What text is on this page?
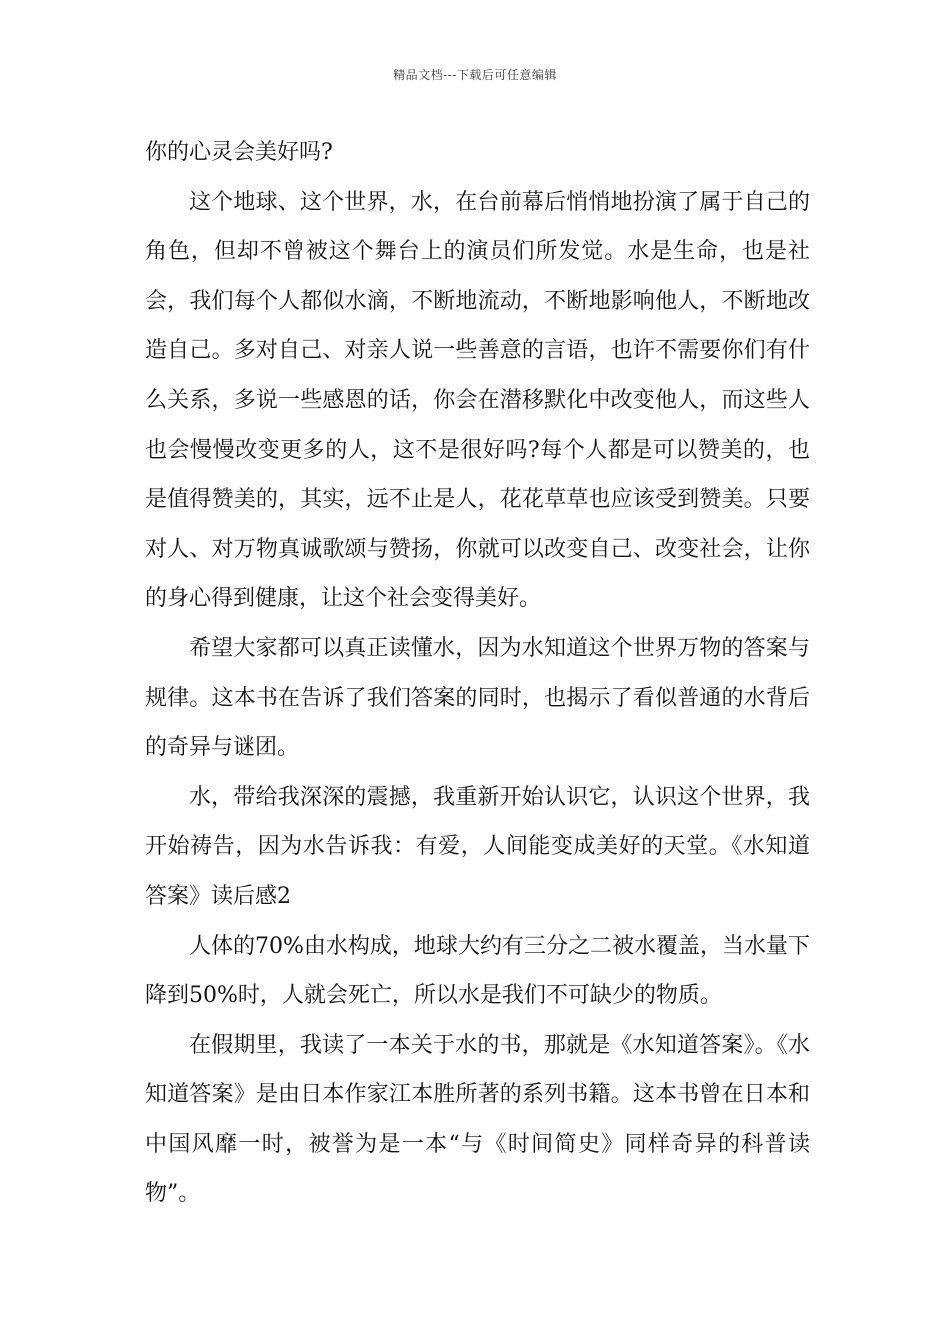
精品文档---下载后可任意编辑

你的心灵会美好吗?

这个地球、这个世界，水，在台前幕后悄悄地扮演了属于自己的角色，但却不曾被这个舞台上的演员们所发觉。水是生命，也是社会，我们每个人都似水滴，不断地流动，不断地影响他人，不断地改造自己。多对自己、对亲人说一些善意的言语，也许不需要你们有什么关系，多说一些感恩的话，你会在潜移默化中改变他人，而这些人也会慢慢改变更多的人，这不是很好吗?每个人都是可以赞美的，也是值得赞美的，其实，远不止是人，花花草草也应该受到赞美。只要对人、对万物真诚歌颂与赞扬，你就可以改变自己、改变社会，让你的身心得到健康，让这个社会变得美好。

希望大家都可以真正读懂水，因为水知道这个世界万物的答案与规律。这本书在告诉了我们答案的同时，也揭示了看似普通的水背后的奇异与谜团。

水，带给我深深的震撼，我重新开始认识它，认识这个世界，我开始祷告，因为水告诉我：有爱，人间能变成美好的天堂。《水知道答案》读后感2

人体的70%由水构成，地球大约有三分之二被水覆盖，当水量下降到50%时，人就会死亡，所以水是我们不可缺少的物质。

在假期里，我读了一本关于水的书，那就是《水知道答案》。《水知道答案》是由日本作家江本胜所著的系列书籍。这本书曾在日本和中国风靡一时，被誉为是一本“与《时间简史》同样奇异的科普读物”。
